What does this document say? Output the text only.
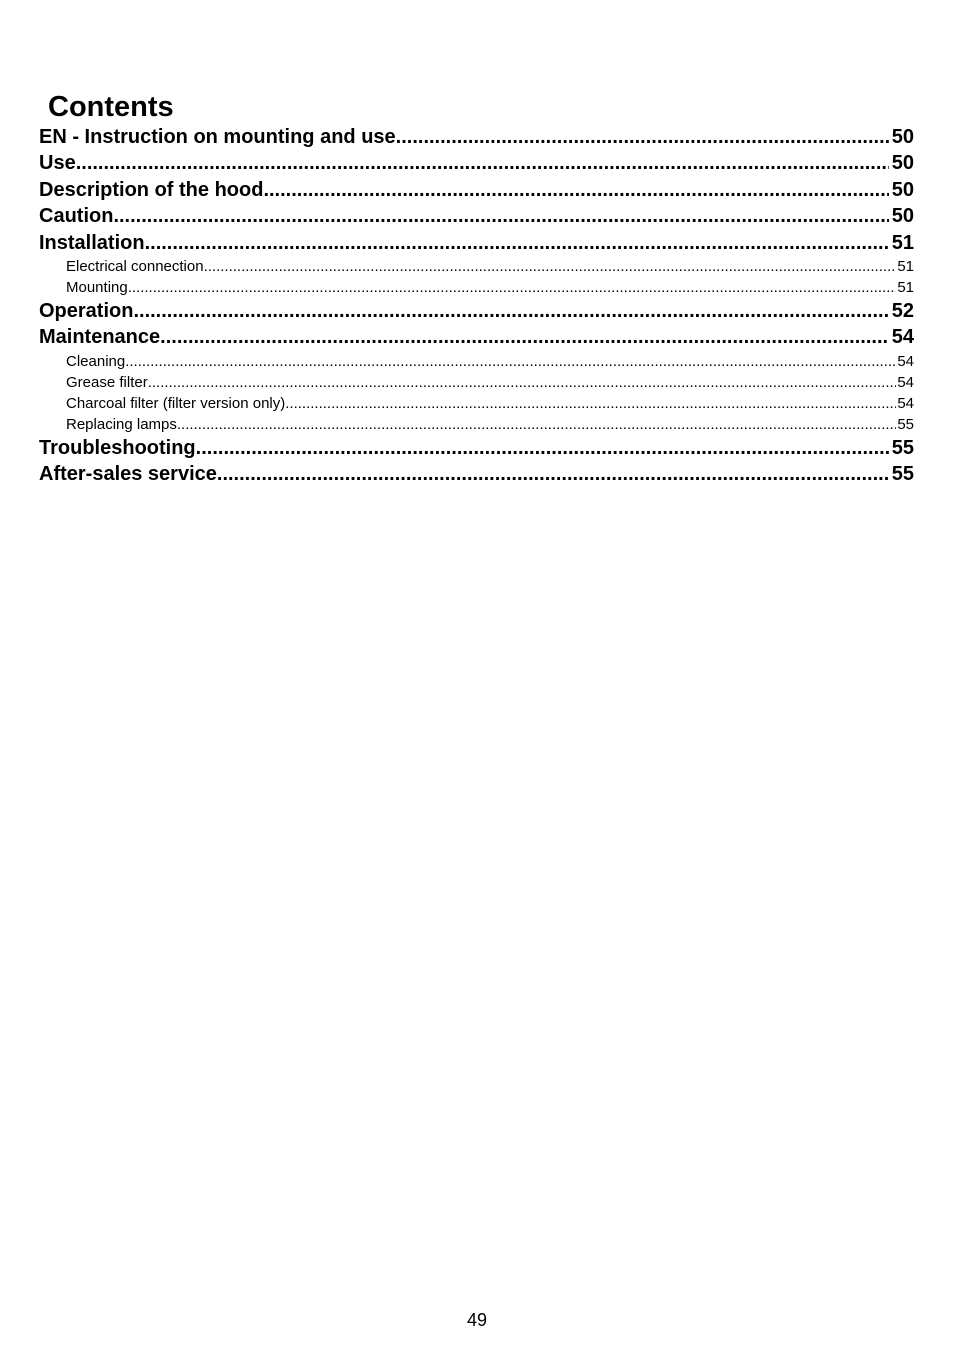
Contents
EN - Instruction on mounting and use .....	50
Use .....	50
Description of the hood .....	50
Caution .....	50
Installation .....	51
Electrical connection .....	51
Mounting .....	51
Operation .....	52
Maintenance .....	54
Cleaning .....	54
Grease filter .....	54
Charcoal filter (filter version only) .....	54
Replacing lamps .....	55
Troubleshooting .....	55
After-sales service .....	55
49
